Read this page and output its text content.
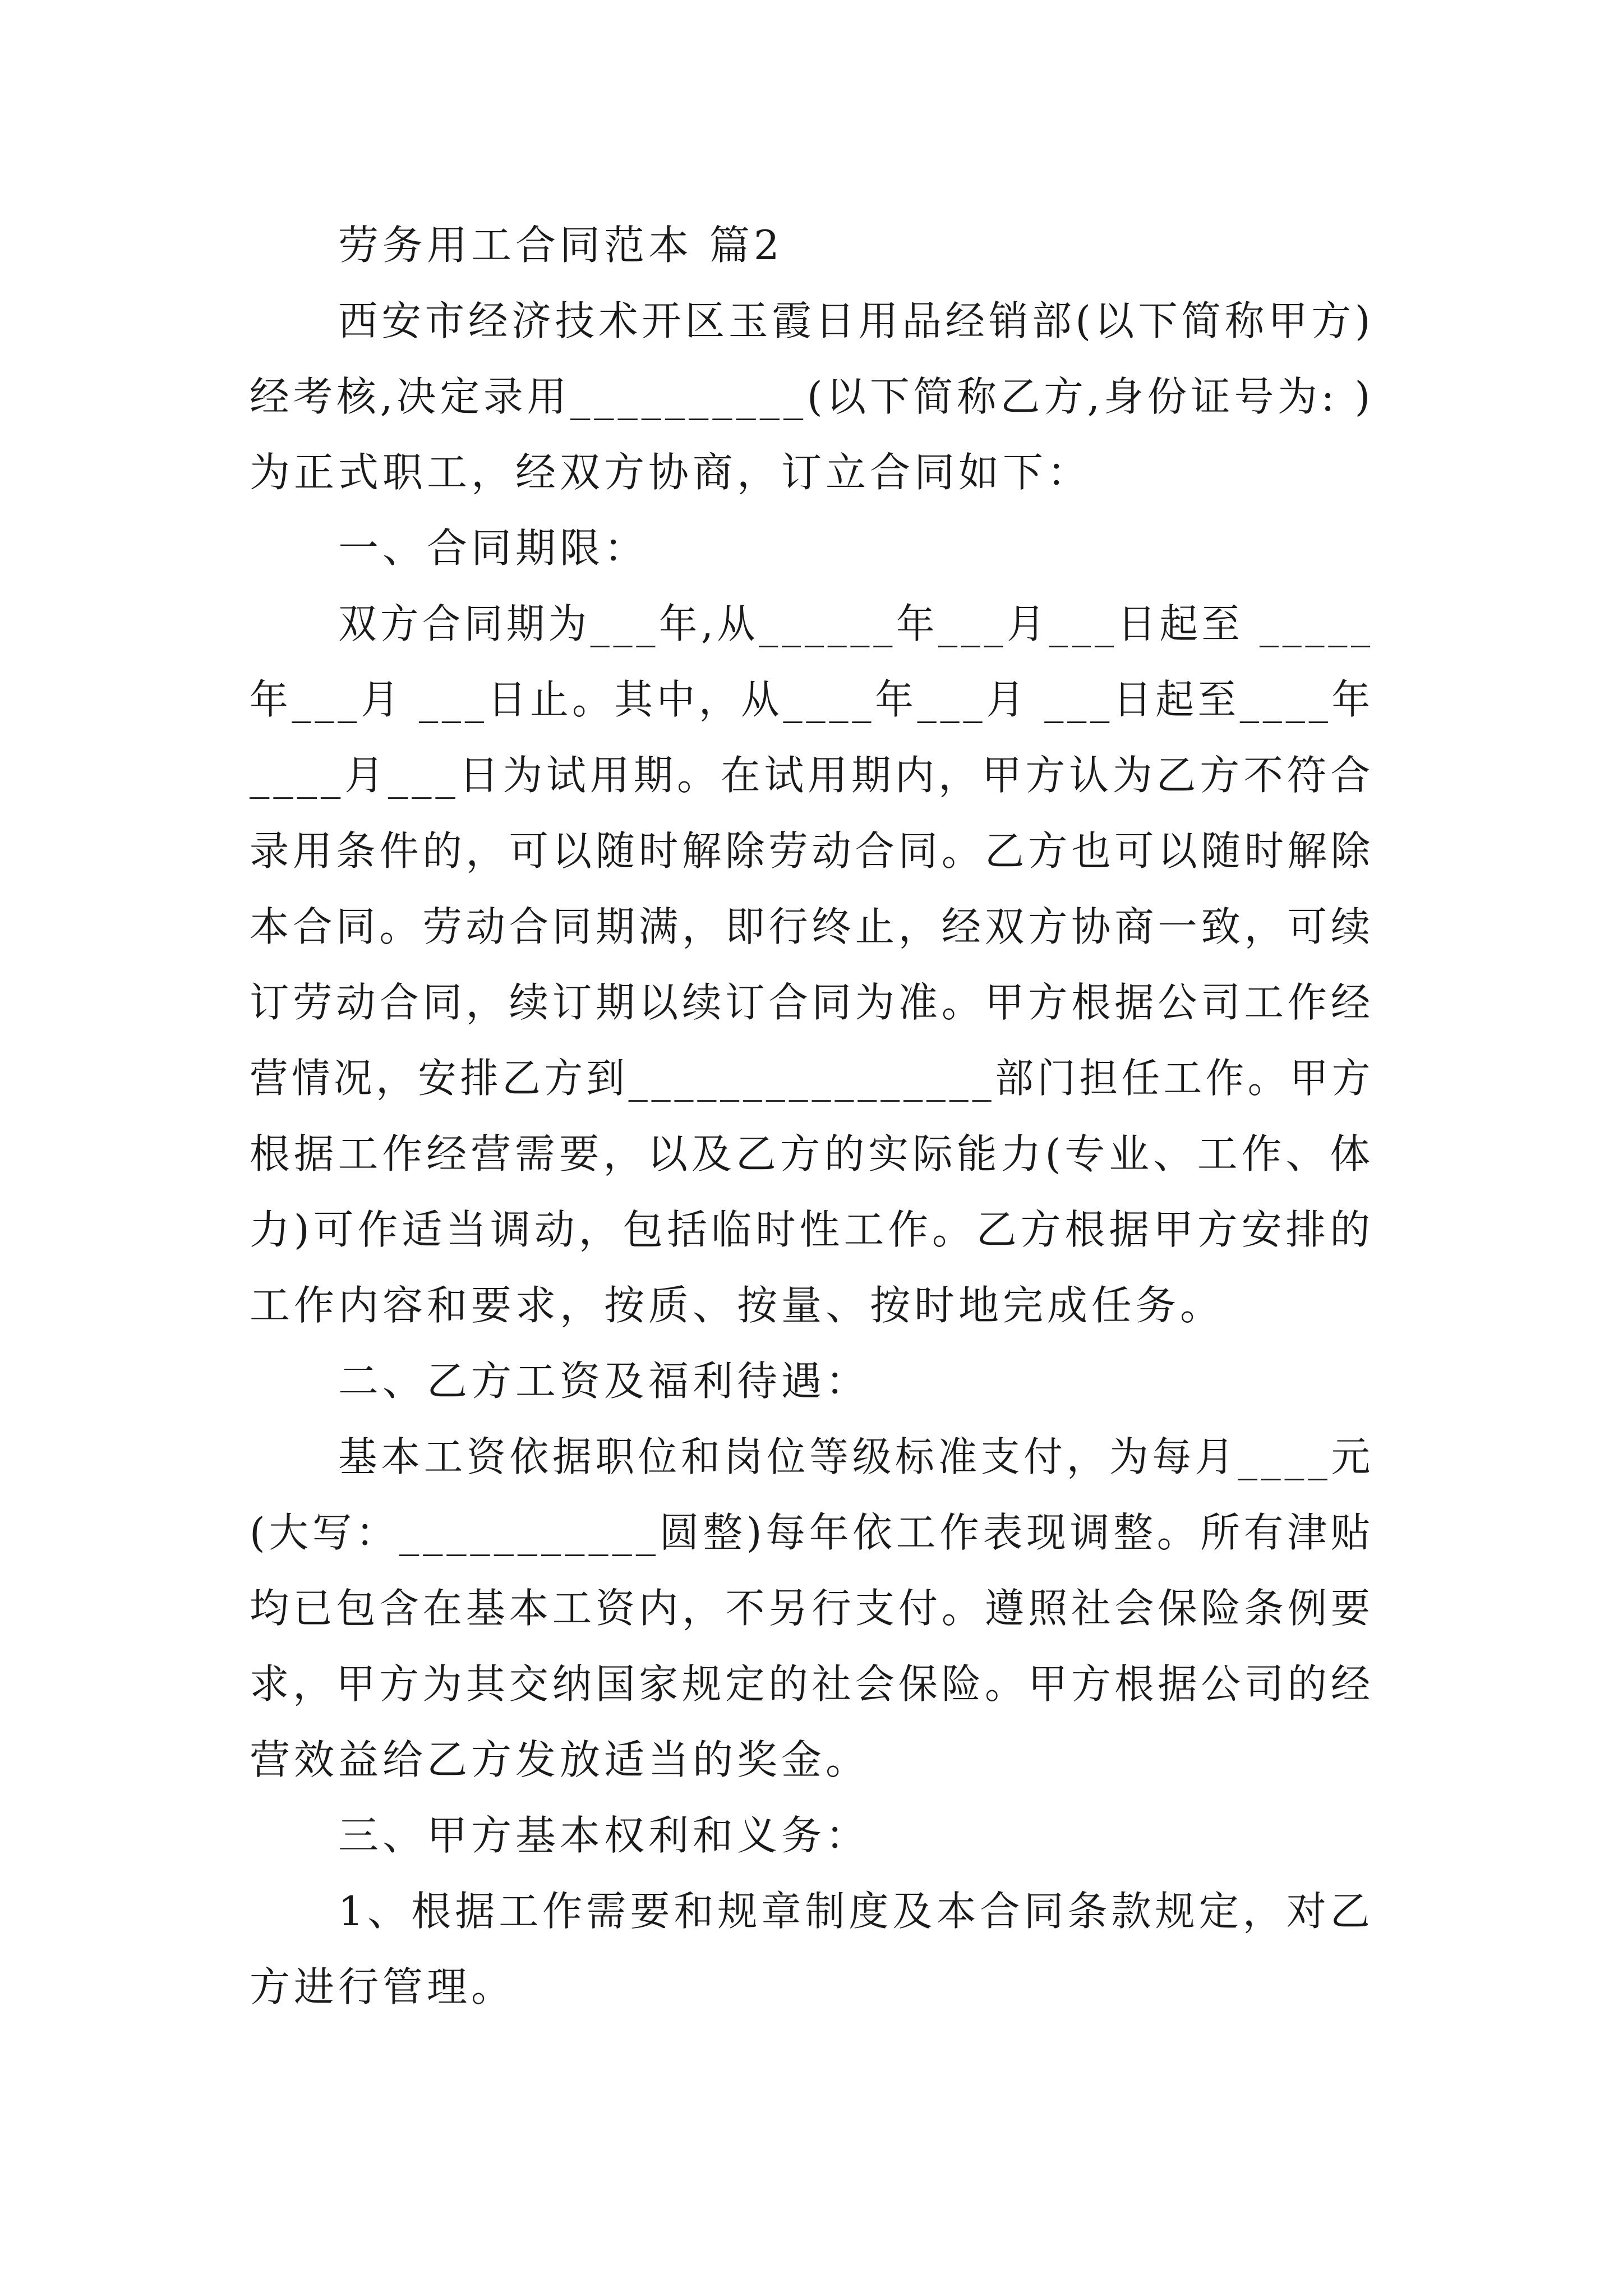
劳务用工合同范本 篇2
西安市经济技术开区玉霞日用品经销部(以下简称甲方)
经考核,决定录用__________(以下简称乙方,身份证号为: )
为正式职工，经双方协商，订立合同如下：
一、合同期限：
双方合同期为___年,从______年___月___日起至 _____
年___月 ___日止。其中，从____年___月 ___日起至____年
____月___日为试用期。在试用期内，甲方认为乙方不符合
录用条件的，可以随时解除劳动合同。乙方也可以随时解除
本合同。劳动合同期满，即行终止，经双方协商一致，可续
订劳动合同，续订期以续订合同为准。甲方根据公司工作经
营情况，安排乙方到________________部门担任工作。甲方
根据工作经营需要，以及乙方的实际能力(专业、工作、体
力)可作适当调动，包括临时性工作。乙方根据甲方安排的
工作内容和要求，按质、按量、按时地完成任务。
二、乙方工资及福利待遇：
基本工资依据职位和岗位等级标准支付，为每月____元
(大写：___________圆整)每年依工作表现调整。所有津贴
均已包含在基本工资内，不另行支付。遵照社会保险条例要
求，甲方为其交纳国家规定的社会保险。甲方根据公司的经
营效益给乙方发放适当的奖金。
三、甲方基本权利和义务：
1、根据工作需要和规章制度及本合同条款规定，对乙
方进行管理。
